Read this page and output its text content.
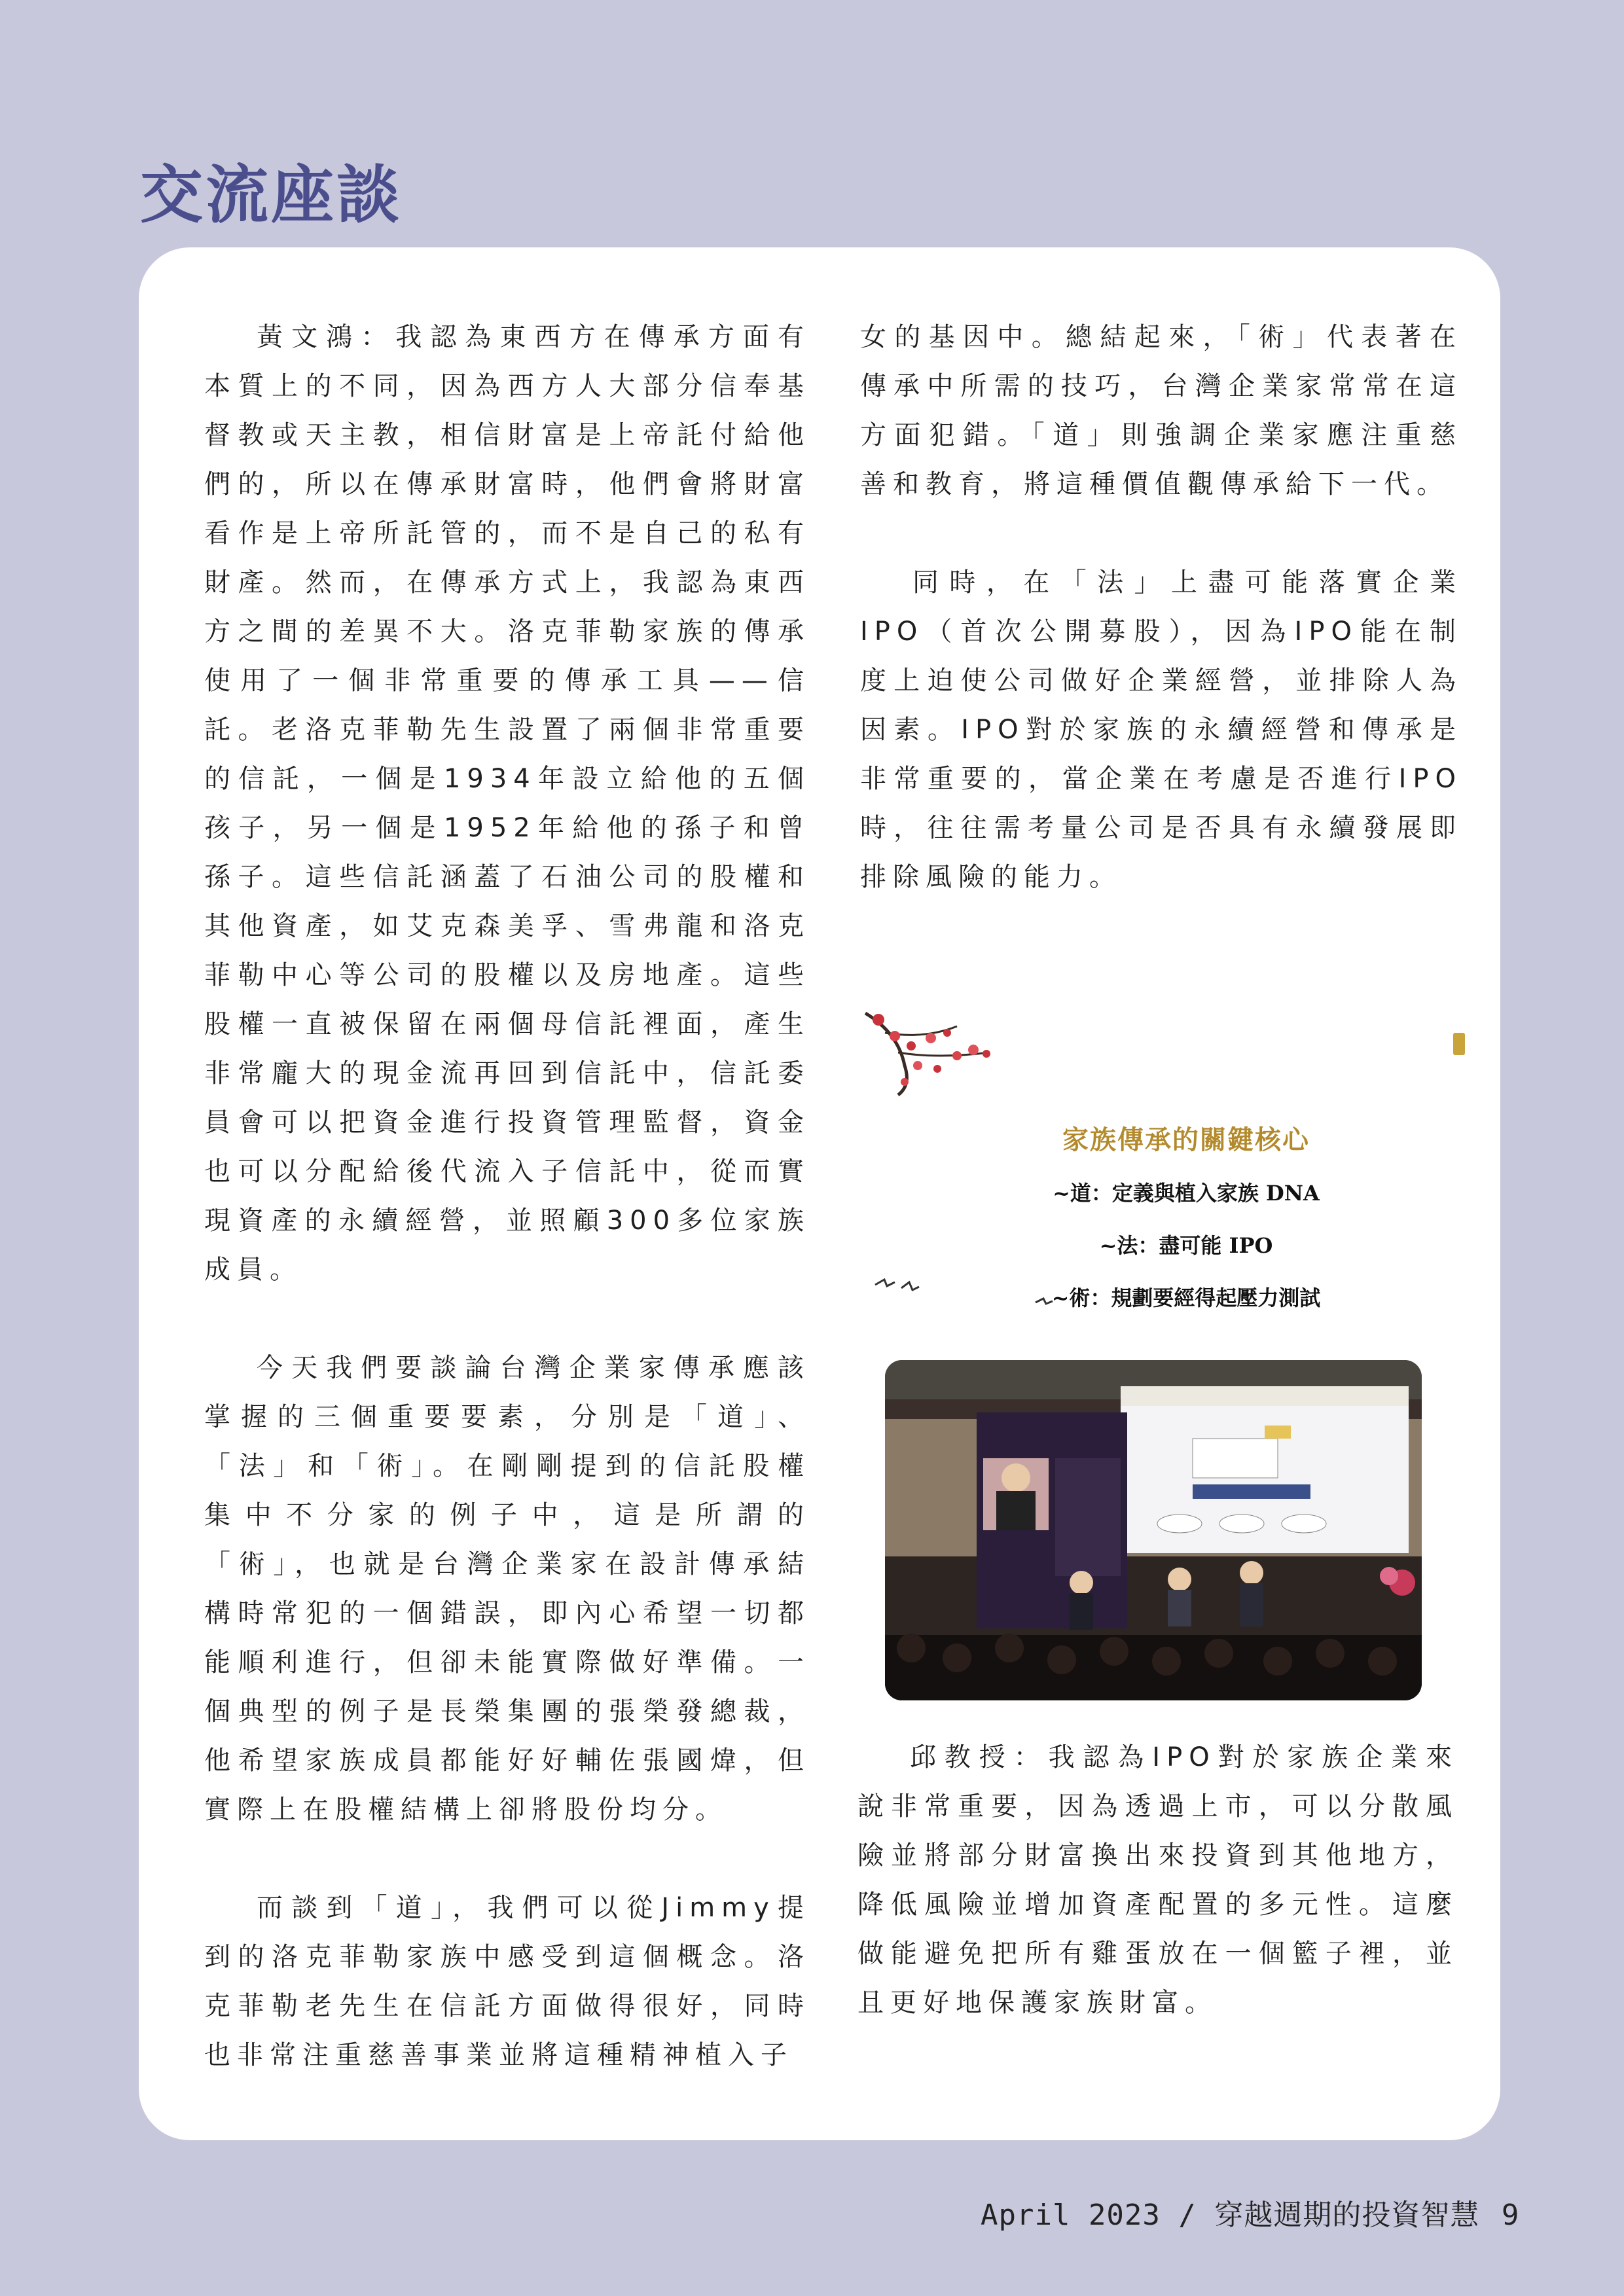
交流座談

黃文鴻：我認為東西方在傳承方面有本質上的不同，因為西方人大部分信奉基督教或天主教，相信財富是上帝託付給他們的，所以在傳承財富時，他們會將財富看作是上帝所託管的，而不是自己的私有財產。然而，在傳承方式上，我認為東西方之間的差異不大。洛克菲勒家族的傳承使用了一個非常重要的傳承工具——信託。老洛克菲勒先生設置了兩個非常重要的信託，一個是1934年設立給他的五個孩子，另一個是1952年給他的孫子和曾孫子。這些信託涵蓋了石油公司的股權和其他資產，如艾克森美孚、雪弗龍和洛克菲勒中心等公司的股權以及房地產。這些股權一直被保留在兩個母信託裡面，產生非常龐大的現金流再回到信託中，信託委員會可以把資金進行投資管理監督，資金也可以分配給後代流入子信託中，從而實現資產的永續經營，並照顧300多位家族成員。

今天我們要談論台灣企業家傳承應該掌握的三個重要要素，分別是「道」、「法」和「術」。在剛剛提到的信託股權集中不分家的例子中，這是所謂的「術」，也就是台灣企業家在設計傳承結構時常犯的一個錯誤，即內心希望一切都能順利進行，但卻未能實際做好準備。一個典型的例子是長榮集團的張榮發總裁，他希望家族成員都能好好輔佐張國煒，但實際上在股權結構上卻將股份均分。

而談到「道」，我們可以從Jimmy提到的洛克菲勒家族中感受到這個概念。洛克菲勒老先生在信託方面做得很好，同時也非常注重慈善事業並將這種精神植入子

女的基因中。總結起來，「術」代表著在傳承中所需的技巧，台灣企業家常常在這方面犯錯。「道」則強調企業家應注重慈善和教育，將這種價值觀傳承給下一代。

同時，在「法」上盡可能落實企業IPO（首次公開募股），因為IPO能在制度上迫使公司做好企業經營，並排除人為因素。IPO對於家族的永續經營和傳承是非常重要的，當企業在考慮是否進行IPO時，往往需考量公司是否具有永續發展即排除風險的能力。

家族傳承的關鍵核心
~道：定義與植入家族 DNA
~法：盡可能 IPO
~術：規劃要經得起壓力測試

邱教授：我認為IPO對於家族企業來說非常重要，因為透過上市，可以分散風險並將部分財富換出來投資到其他地方，降低風險並增加資產配置的多元性。這麼做能避免把所有雞蛋放在一個籃子裡，並且更好地保護家族財富。

April 2023 / 穿越週期的投資智慧 9
